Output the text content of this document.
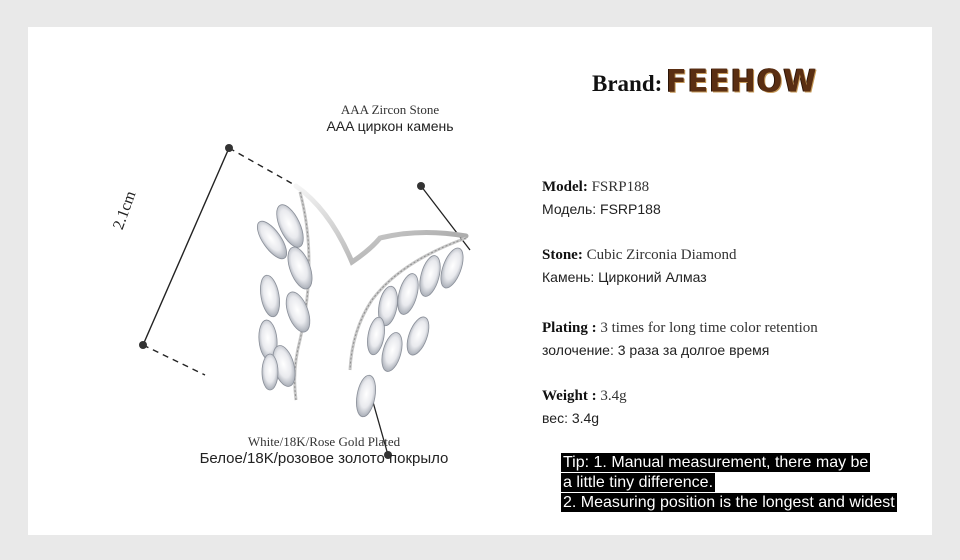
Brand: FEEHOW
AAA Zircon Stone
AAA циркон камень
White/18K/Rose Gold Plated
Белое/18K/розовое золото покрыло
2.1cm
Model: FSRP188
Модель: FSRP188
Stone: Cubic Zirconia Diamond
Камень: Цирконий Алмаз
Plating : 3 times for long time color retention
золочение: 3 раза за долгое время
Weight : 3.4g
вес: 3.4g
Tip: 1. Manual measurement, there may be
a little tiny difference.
2. Measuring position is the longest and widest
